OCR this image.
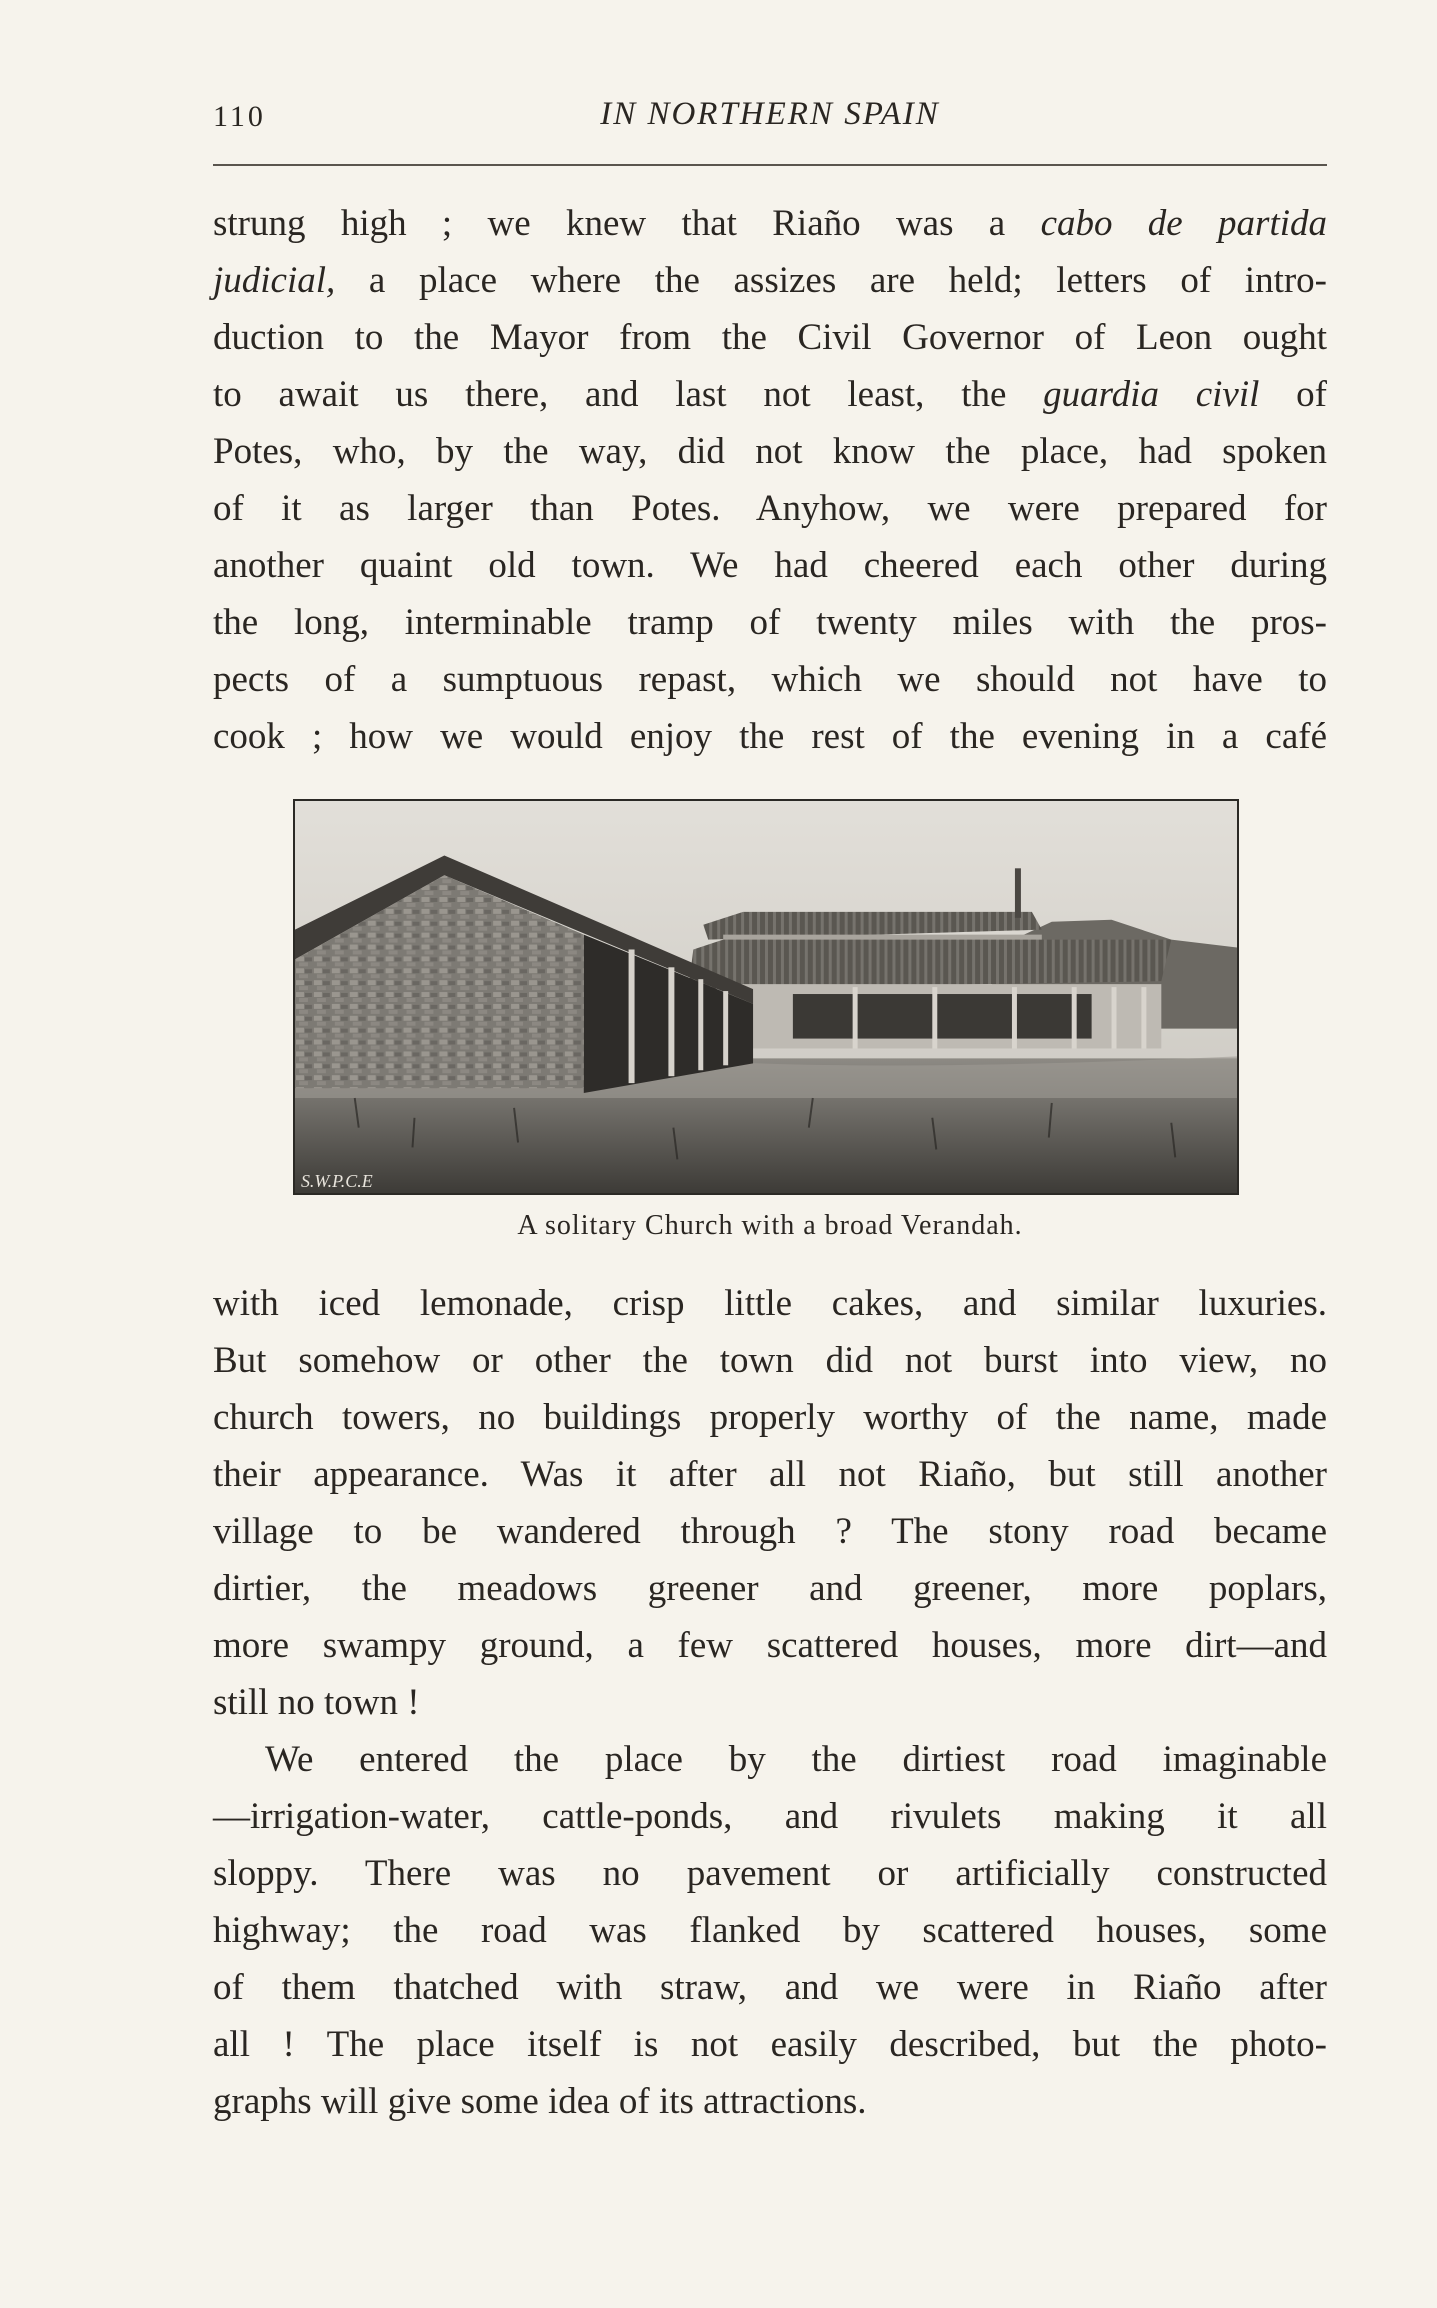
110	IN NORTHERN SPAIN
strung high ; we knew that Riaño was a cabo de partida
judicial, a place where the assizes are held; letters of intro-
duction to the Mayor from the Civil Governor of Leon ought
to await us there, and last not least, the guardia civil of
Potes, who, by the way, did not know the place, had spoken
of it as larger than Potes. Anyhow, we were prepared for
another quaint old town. We had cheered each other during
the long, interminable tramp of twenty miles with the pros-
pects of a sumptuous repast, which we should not have to
cook ; how we would enjoy the rest of the evening in a café
S.W.P.C.E
A solitary Church with a broad Verandah.
with iced lemonade, crisp little cakes, and similar luxuries.
But somehow or other the town did not burst into view, no
church towers, no buildings properly worthy of the name, made
their appearance. Was it after all not Riaño, but still another
village to be wandered through ? The stony road became
dirtier, the meadows greener and greener, more poplars,
more swampy ground, a few scattered houses, more dirt—and
still no town !
We entered the place by the dirtiest road imaginable
—irrigation-water, cattle-ponds, and rivulets making it all
sloppy. There was no pavement or artificially constructed
highway; the road was flanked by scattered houses, some
of them thatched with straw, and we were in Riaño after
all ! The place itself is not easily described, but the photo-
graphs will give some idea of its attractions.
